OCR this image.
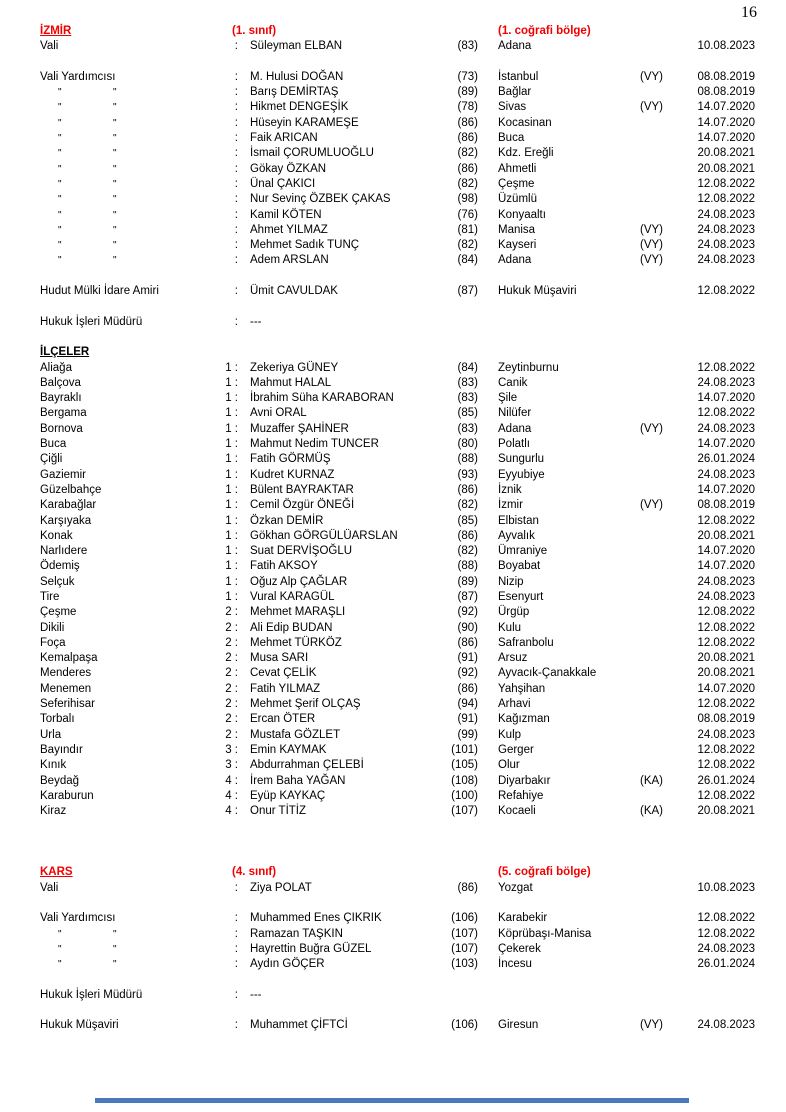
16
İZMİR	(1. sınıf)	(1. coğrafi bölge)
Vali	:	Süleyman ELBAN	(83) Adana	10.08.2023
Vali Yardımcısı	:	M. Hulusi DOĞAN	(73) İstanbul	(VY)	08.08.2019
"	"	:	Barış DEMİRTAŞ	(89) Bağlar	08.08.2019
"	"	:	Hikmet DENGEŞİK	(78) Sivas	(VY)	14.07.2020
"	"	:	Hüseyin KARAMEŞE	(86) Kocasinan	14.07.2020
"	"	:	Faik ARICAN	(86) Buca	14.07.2020
"	"	:	İsmail ÇORUMLUOĞLU	(82) Kdz. Ereğli	20.08.2021
"	"	:	Gökay ÖZKAN	(86) Ahmetli	20.08.2021
"	"	:	Ünal ÇAKICI	(82) Çeşme	12.08.2022
"	"	:	Nur Sevinç ÖZBEK ÇAKAS	(98) Üzümlü	12.08.2022
"	"	:	Kamil KÖTEN	(76) Konyaaltı	24.08.2023
"	"	:	Ahmet YILMAZ	(81) Manisa	(VY)	24.08.2023
"	"	:	Mehmet Sadık TUNÇ	(82) Kayseri	(VY)	24.08.2023
"	"	:	Adem ARSLAN	(84) Adana	(VY)	24.08.2023
Hudut Mülki İdare Amiri	:	Ümit CAVULDAK	(87) Hukuk Müşaviri	12.08.2022
Hukuk İşleri Müdürü	:	---
İLÇELER
Aliağa	1 :	Zekeriya GÜNEY	(84) Zeytinburnu	12.08.2022
Balçova	1 :	Mahmut HALAL	(83) Canik	24.08.2023
Bayraklı	1 :	İbrahim Süha KARABORAN	(83) Şile	14.07.2020
Bergama	1 :	Avni ORAL	(85) Nilüfer	12.08.2022
Bornova	1 :	Muzaffer ŞAHİNER	(83) Adana	(VY)	24.08.2023
Buca	1 :	Mahmut Nedim TUNCER	(80) Polatlı	14.07.2020
Çiğli	1 :	Fatih GÖRMÜŞ	(88) Sungurlu	26.01.2024
Gaziemir	1 :	Kudret KURNAZ	(93) Eyyubiye	24.08.2023
Güzelbahçe	1 :	Bülent BAYRAKTAR	(86) İznik	14.07.2020
Karabağlar	1 :	Cemil Özgür ÖNEĞİ	(82) İzmir	(VY)	08.08.2019
Karşıyaka	1 :	Özkan DEMİR	(85) Elbistan	12.08.2022
Konak	1 :	Gökhan GÖRGÜLÜARSLAN	(86) Ayvalık	20.08.2021
Narlıdere	1 :	Suat DERVİŞOĞLU	(82) Ümraniye	14.07.2020
Ödemiş	1 :	Fatih AKSOY	(88) Boyabat	14.07.2020
Selçuk	1 :	Oğuz Alp ÇAĞLAR	(89) Nizip	24.08.2023
Tire	1 :	Vural KARAGÜL	(87) Esenyurt	24.08.2023
Çeşme	2 :	Mehmet MARAŞLI	(92) Ürgüp	12.08.2022
Dikili	2 :	Ali Edip BUDAN	(90) Kulu	12.08.2022
Foça	2 :	Mehmet TÜRKÖZ	(86) Safranbolu	12.08.2022
Kemalpaşa	2 :	Musa SARI	(91) Arsuz	20.08.2021
Menderes	2 :	Cevat ÇELİK	(92) Ayvacık-Çanakkale	20.08.2021
Menemen	2 :	Fatih YILMAZ	(86) Yahşihan	14.07.2020
Seferihisar	2 :	Mehmet Şerif OLÇAŞ	(94) Arhavi	12.08.2022
Torbalı	2 :	Ercan ÖTER	(91) Kağızman	08.08.2019
Urla	2 :	Mustafa GÖZLET	(99) Kulp	24.08.2023
Bayındır	3 :	Emin KAYMAK	(101) Gerger	12.08.2022
Kınık	3 :	Abdurrahman ÇELEBİ	(105) Olur	12.08.2022
Beydağ	4 :	İrem Baha YAĞAN	(108) Diyarbakır	(KA)	26.01.2024
Karaburun	4 :	Eyüp KAYKAÇ	(100) Refahiye	12.08.2022
Kiraz	4 :	Onur TİTİZ	(107) Kocaeli	(KA)	20.08.2021
KARS	(4. sınıf)	(5. coğrafi bölge)
Vali	:	Ziya POLAT	(86) Yozgat	10.08.2023
Vali Yardımcısı	:	Muhammed Enes ÇIKRIK	(106) Karabekir	12.08.2022
"	"	:	Ramazan TAŞKIN	(107) Köprübaşı-Manisa	12.08.2022
"	"	:	Hayrettin Buğra GÜZEL	(107) Çekerek	24.08.2023
"	"	:	Aydın GÖÇER	(103) İncesu	26.01.2024
Hukuk İşleri Müdürü	:	---
Hukuk Müşaviri	:	Muhammet ÇİFTCİ	(106) Giresun	(VY)	24.08.2023
